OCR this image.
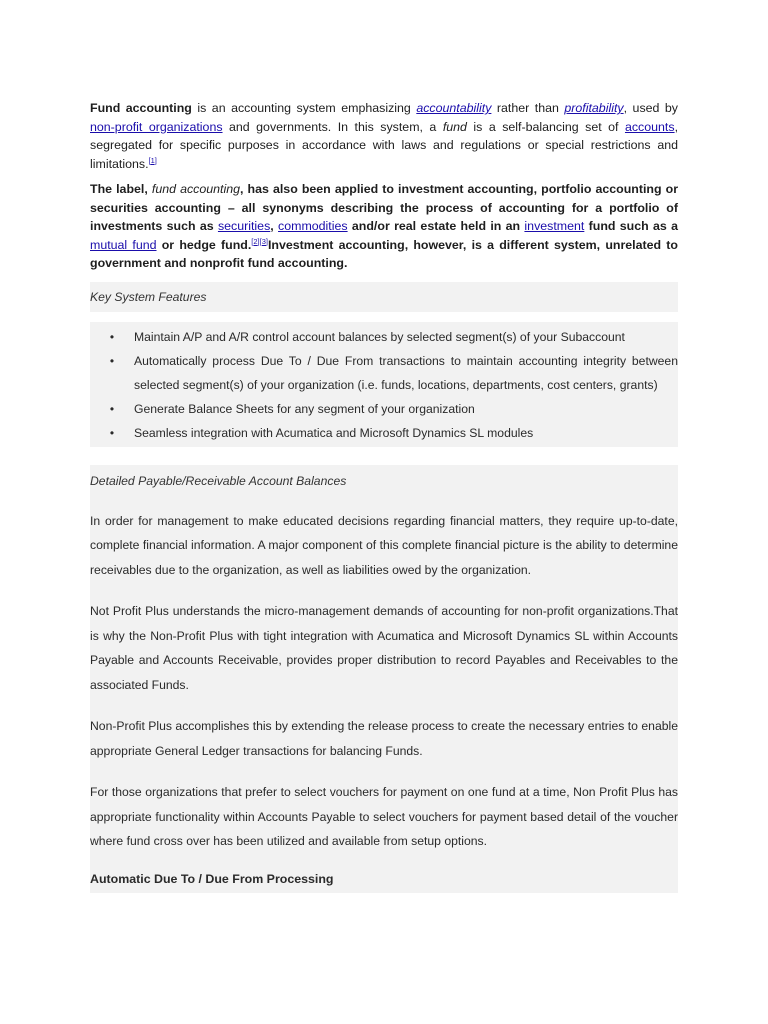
Fund accounting is an accounting system emphasizing accountability rather than profitability, used by non-profit organizations and governments. In this system, a fund is a self-balancing set of accounts, segregated for specific purposes in accordance with laws and regulations or special restrictions and limitations.[1]

The label, fund accounting, has also been applied to investment accounting, portfolio accounting or securities accounting – all synonyms describing the process of accounting for a portfolio of investments such as securities, commodities and/or real estate held in an investment fund such as a mutual fund or hedge fund.[2][3]Investment accounting, however, is a different system, unrelated to government and nonprofit fund accounting.

Key System Features
•	Maintain A/P and A/R control account balances by selected segment(s) of your Subaccount
•	Automatically process Due To / Due From transactions to maintain accounting integrity between selected segment(s) of your organization (i.e. funds, locations, departments, cost centers, grants)
•	Generate Balance Sheets for any segment of your organization
•	Seamless integration with Acumatica and Microsoft Dynamics SL modules
Detailed Payable/Receivable Account Balances

In order for management to make educated decisions regarding financial matters, they require up-to-date, complete financial information. A major component of this complete financial picture is the ability to determine receivables due to the organization, as well as liabilities owed by the organization.

Not Profit Plus understands the micro-management demands of accounting for non-profit organizations.That is why the Non-Profit Plus with tight integration with Acumatica and Microsoft Dynamics SL within Accounts Payable and Accounts Receivable, provides proper distribution to record Payables and Receivables to the associated Funds.

Non-Profit Plus accomplishes this by extending the release process to create the necessary entries to enable appropriate General Ledger transactions for balancing Funds.

For those organizations that prefer to select vouchers for payment on one fund at a time, Non Profit Plus has appropriate functionality within Accounts Payable to select vouchers for payment based detail of the voucher where fund cross over has been utilized and available from setup options.

Automatic Due To / Due From Processing
